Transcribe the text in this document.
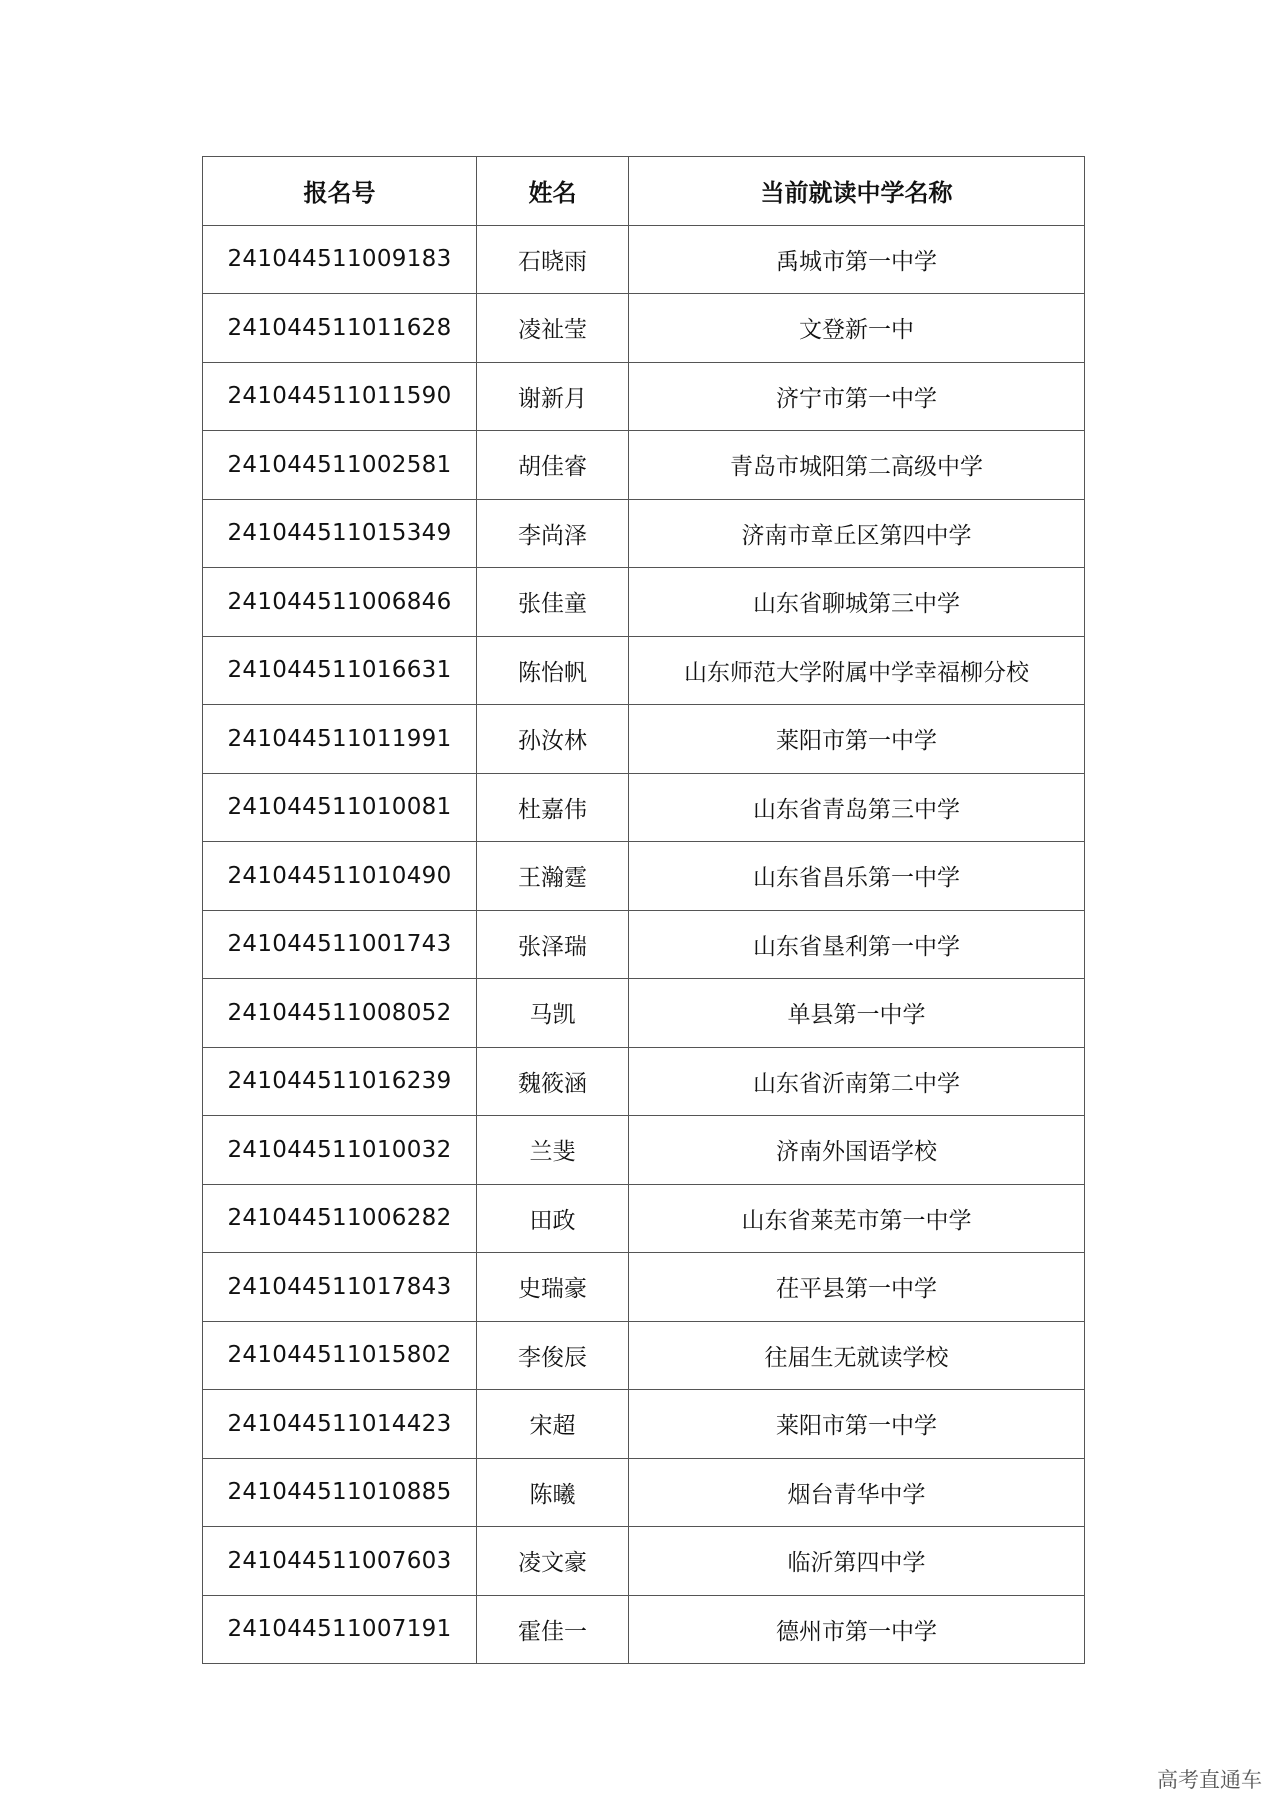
报名号	姓名	当前就读中学名称
241044511009183	石晓雨	禹城市第一中学
241044511011628	凌祉莹	文登新一中
241044511011590	谢新月	济宁市第一中学
241044511002581	胡佳睿	青岛市城阳第二高级中学
241044511015349	李尚泽	济南市章丘区第四中学
241044511006846	张佳童	山东省聊城第三中学
241044511016631	陈怡帆	山东师范大学附属中学幸福柳分校
241044511011991	孙汝林	莱阳市第一中学
241044511010081	杜嘉伟	山东省青岛第三中学
241044511010490	王瀚霆	山东省昌乐第一中学
241044511001743	张泽瑞	山东省垦利第一中学
241044511008052	马凯	单县第一中学
241044511016239	魏筱涵	山东省沂南第二中学
241044511010032	兰斐	济南外国语学校
241044511006282	田政	山东省莱芜市第一中学
241044511017843	史瑞豪	茌平县第一中学
241044511015802	李俊辰	往届生无就读学校
241044511014423	宋超	莱阳市第一中学
241044511010885	陈曦	烟台青华中学
241044511007603	凌文豪	临沂第四中学
241044511007191	霍佳一	德州市第一中学
高考直通车
